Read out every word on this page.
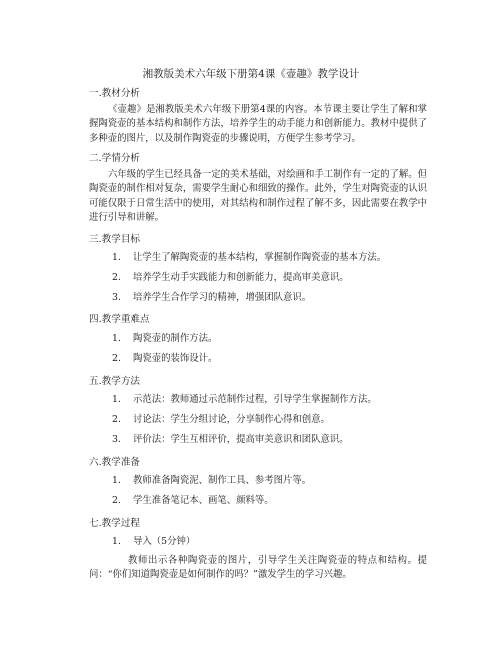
湘教版美术六年级下册第4课《壶趣》教学设计
一.教材分析
《壶趣》是湘教版美术六年级下册第4课的内容。本节课主要让学生了解和掌握陶瓷壶的基本结构和制作方法，培养学生的动手能力和创新能力。教材中提供了多种壶的图片，以及制作陶瓷壶的步骤说明，方便学生参考学习。
二.学情分析
六年级的学生已经具备一定的美术基础，对绘画和手工制作有一定的了解。但陶瓷壶的制作相对复杂，需要学生耐心和细致的操作。此外，学生对陶瓷壶的认识可能仅限于日常生活中的使用，对其结构和制作过程了解不多，因此需要在教学中进行引导和讲解。
三.教学目标
1. 让学生了解陶瓷壶的基本结构，掌握制作陶瓷壶的基本方法。
2. 培养学生动手实践能力和创新能力，提高审美意识。
3. 培养学生合作学习的精神，增强团队意识。
四.教学重难点
1. 陶瓷壶的制作方法。
2. 陶瓷壶的装饰设计。
五.教学方法
1. 示范法：教师通过示范制作过程，引导学生掌握制作方法。
2. 讨论法：学生分组讨论，分享制作心得和创意。
3. 评价法：学生互相评价，提高审美意识和团队意识。
六.教学准备
1. 教师准备陶瓷泥、制作工具、参考图片等。
2. 学生准备笔记本、画笔、颜料等。
七.教学过程
1. 导入（5分钟）
教师出示各种陶瓷壶的图片，引导学生关注陶瓷壶的特点和结构。提问：“你们知道陶瓷壶是如何制作的吗？”激发学生的学习兴趣。
